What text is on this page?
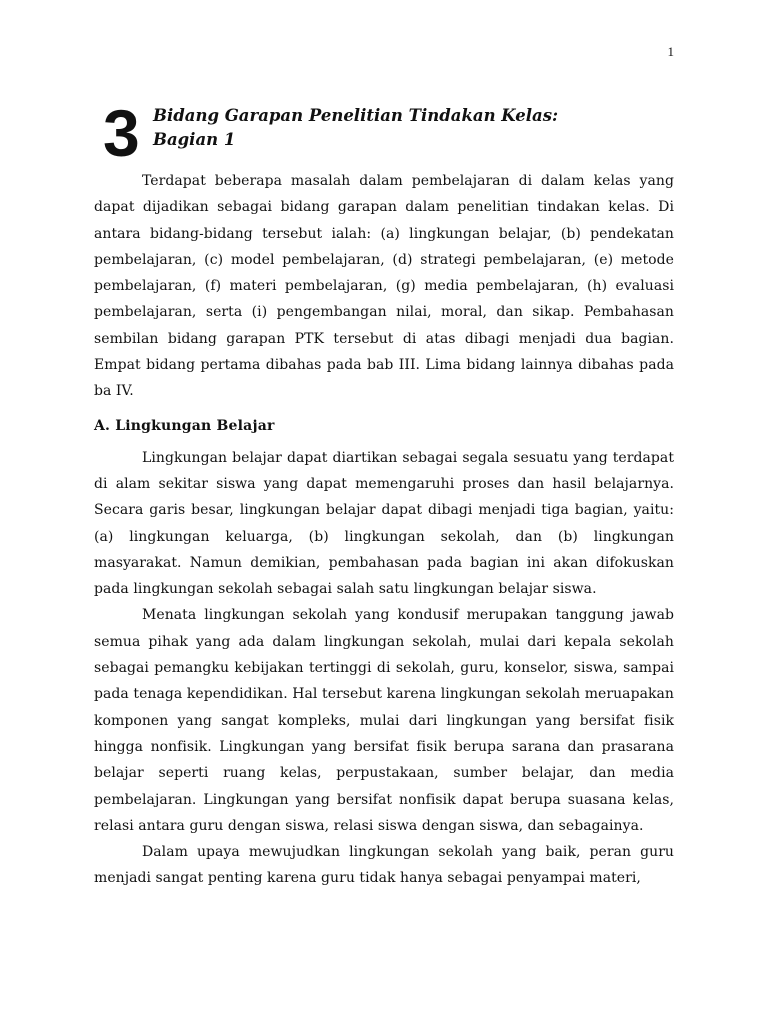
1
3 Bidang Garapan Penelitian Tindakan Kelas:
Bagian 1

Terdapat beberapa masalah dalam pembelajaran di dalam kelas yang dapat dijadikan sebagai bidang garapan dalam penelitian tindakan kelas. Di antara bidang-bidang tersebut ialah: (a) lingkungan belajar, (b) pendekatan pembelajaran, (c) model pembelajaran, (d) strategi pembelajaran, (e) metode pembelajaran, (f) materi pembelajaran, (g) media pembelajaran, (h) evaluasi pembelajaran, serta (i) pengembangan nilai, moral, dan sikap. Pembahasan sembilan bidang garapan PTK tersebut di atas dibagi menjadi dua bagian. Empat bidang pertama dibahas pada bab III. Lima bidang lainnya dibahas pada ba IV.

A. Lingkungan Belajar

Lingkungan belajar dapat diartikan sebagai segala sesuatu yang terdapat di alam sekitar siswa yang dapat memengaruhi proses dan hasil belajarnya. Secara garis besar, lingkungan belajar dapat dibagi menjadi tiga bagian, yaitu: (a) lingkungan keluarga, (b) lingkungan sekolah, dan (b) lingkungan masyarakat. Namun demikian, pembahasan pada bagian ini akan difokuskan pada lingkungan sekolah sebagai salah satu lingkungan belajar siswa.

Menata lingkungan sekolah yang kondusif merupakan tanggung jawab semua pihak yang ada dalam lingkungan sekolah, mulai dari kepala sekolah sebagai pemangku kebijakan tertinggi di sekolah, guru, konselor, siswa, sampai pada tenaga kependidikan. Hal tersebut karena lingkungan sekolah meruapakan komponen yang sangat kompleks, mulai dari lingkungan yang bersifat fisik hingga nonfisik. Lingkungan yang bersifat fisik berupa sarana dan prasarana belajar seperti ruang kelas, perpustakaan, sumber belajar, dan media pembelajaran. Lingkungan yang bersifat nonfisik dapat berupa suasana kelas, relasi antara guru dengan siswa, relasi siswa dengan siswa, dan sebagainya.

Dalam upaya mewujudkan lingkungan sekolah yang baik, peran guru menjadi sangat penting karena guru tidak hanya sebagai penyampai materi,
